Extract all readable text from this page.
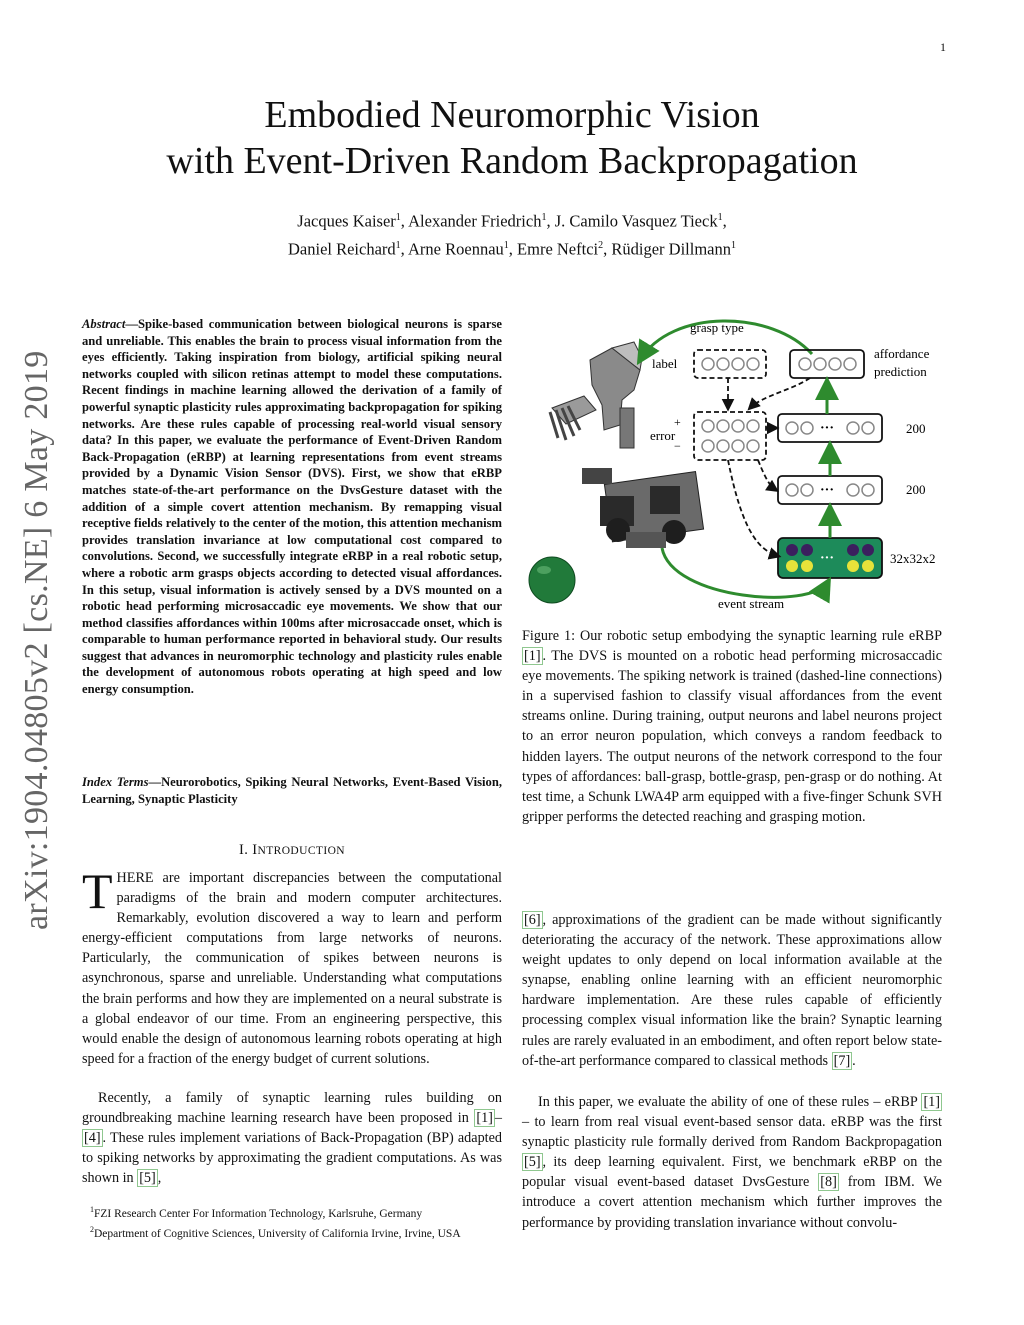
1
arXiv:1904.04805v2 [cs.NE] 6 May 2019
Embodied Neuromorphic Vision
with Event-Driven Random Backpropagation
Jacques Kaiser$^1$, Alexander Friedrich$^1$, J. Camilo Vasquez Tieck$^1$,
Daniel Reichard$^1$, Arne Roennau$^1$, Emre Neftci$^2$, Rüdiger Dillmann$^1$
Abstract—Spike-based communication between biological neurons is sparse and unreliable. This enables the brain to process visual information from the eyes efficiently. Taking inspiration from biology, artificial spiking neural networks coupled with silicon retinas attempt to model these computations. Recent findings in machine learning allowed the derivation of a family of powerful synaptic plasticity rules approximating backpropagation for spiking networks. Are these rules capable of processing real-world visual sensory data? In this paper, we evaluate the performance of Event-Driven Random Back-Propagation (eRBP) at learning representations from event streams provided by a Dynamic Vision Sensor (DVS). First, we show that eRBP matches state-of-the-art performance on the DvsGesture dataset with the addition of a simple covert attention mechanism. By remapping visual receptive fields relatively to the center of the motion, this attention mechanism provides translation invariance at low computational cost compared to convolutions. Second, we successfully integrate eRBP in a real robotic setup, where a robotic arm grasps objects according to detected visual affordances. In this setup, visual information is actively sensed by a DVS mounted on a robotic head performing microsaccadic eye movements. We show that our method classifies affordances within 100ms after microsaccade onset, which is comparable to human performance reported in behavioral study. Our results suggest that advances in neuromorphic technology and plasticity rules enable the development of autonomous robots operating at high speed and low energy consumption.
Index Terms—Neurorobotics, Spiking Neural Networks, Event-Based Vision, Learning, Synaptic Plasticity
I. INTRODUCTION
THERE are important discrepancies between the computational paradigms of the brain and modern computer architectures. Remarkably, evolution discovered a way to learn and perform energy-efficient computations from large networks of neurons. Particularly, the communication of spikes between neurons is asynchronous, sparse and unreliable. Understanding what computations the brain performs and how they are implemented on a neural substrate is a global endeavor of our time. From an engineering perspective, this would enable the design of autonomous learning robots operating at high speed for a fraction of the energy budget of current solutions.
Recently, a family of synaptic learning rules building on groundbreaking machine learning research have been proposed in [1] –[4] . These rules implement variations of Back-Propagation (BP) adapted to spiking networks by approximating the gradient computations. As was shown in [5] ,

$^1$FZI Research Center For Information Technology, Karlsruhe, Germany

$^2$Department of Cognitive Sciences, University of California Irvine, Irvine, USA

grasp type
label
affordance
prediction
error
+
−
···	200
···	200
···	32x32x2
event stream
Figure 1: Our robotic setup embodying the synaptic learning rule eRBP [1] . The DVS is mounted on a robotic head performing microsaccadic eye movements. The spiking network is trained (dashed-line connections) in a supervised fashion to classify visual affordances from the event streams online. During training, output neurons and label neurons project to an error neuron population, which conveys a random feedback to hidden layers. The output neurons of the network correspond to the four types of affordances: ball-grasp, bottle-grasp, pen-grasp or do nothing. At test time, a Schunk LWA4P arm equipped with a five-finger Schunk SVH gripper performs the detected reaching and grasping motion.
[6] , approximations of the gradient can be made without significantly deteriorating the accuracy of the network. These approximations allow weight updates to only depend on local information available at the synapse, enabling online learning with an efficient neuromorphic hardware implementation. Are these rules capable of efficiently processing complex visual information like the brain? Synaptic learning rules are rarely evaluated in an embodiment, and often report below state-of-the-art performance compared to classical methods [7] .
In this paper, we evaluate the ability of one of these rules – eRBP [1] – to learn from real visual event-based sensor data. eRBP was the first synaptic plasticity rule formally derived from Random Backpropagation [5] , its deep learning equivalent. First, we benchmark eRBP on the popular visual event-based dataset DvsGesture [8] from IBM. We introduce a covert attention mechanism which further improves the performance by providing translation invariance without convolu-
